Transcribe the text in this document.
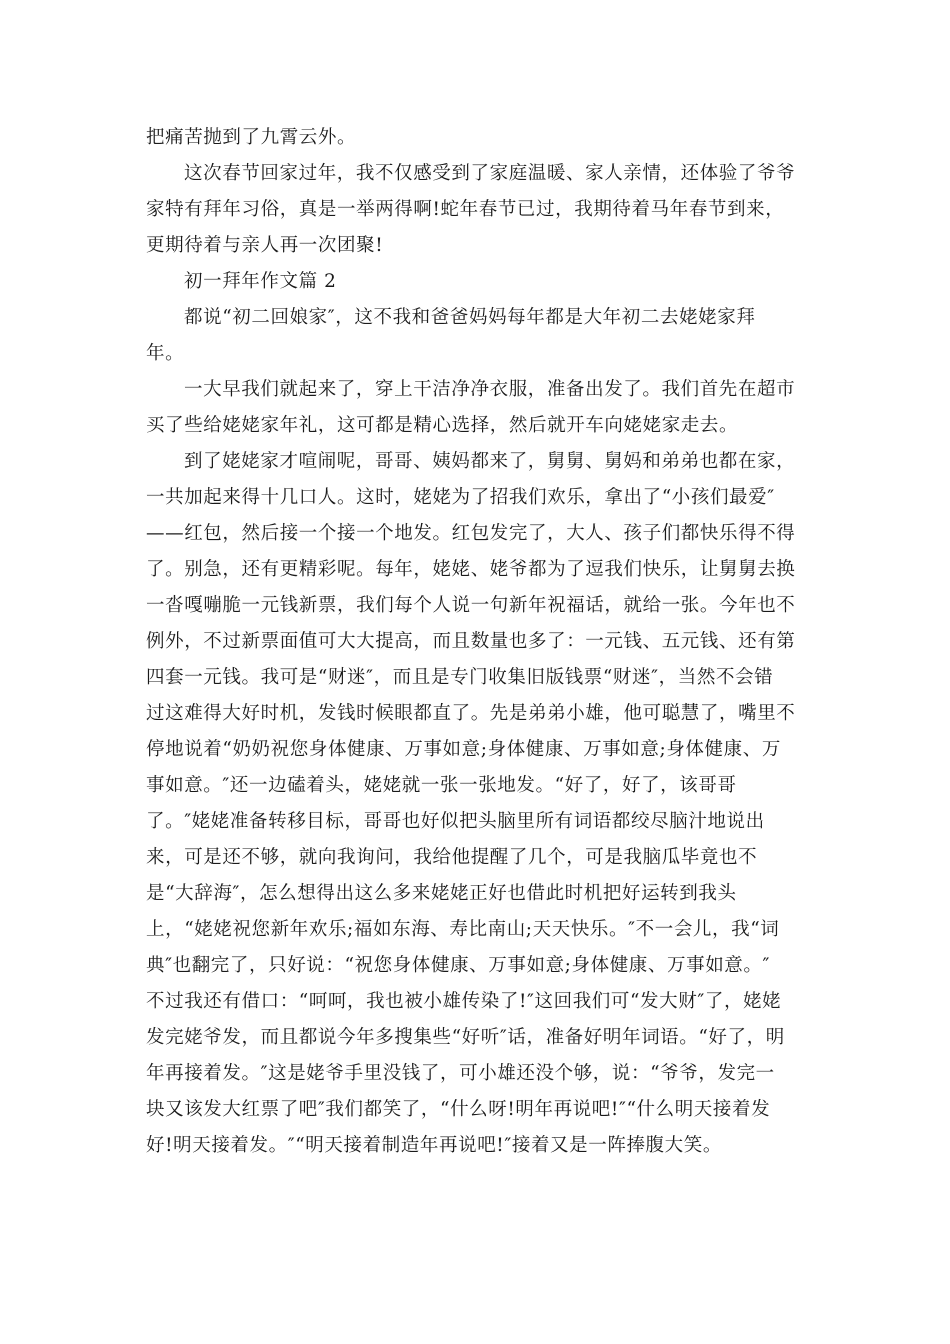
把痛苦抛到了九霄云外。
这次春节回家过年，我不仅感受到了家庭温暖、家人亲情，还体验了爷爷
家特有拜年习俗，真是一举两得啊!蛇年春节已过，我期待着马年春节到来，
更期待着与亲人再一次团聚!
初一拜年作文篇 2
都说“初二回娘家″，这不我和爸爸妈妈每年都是大年初二去姥姥家拜
年。
一大早我们就起来了，穿上干洁净净衣服，准备出发了。我们首先在超市
买了些给姥姥家年礼，这可都是精心选择，然后就开车向姥姥家走去。
到了姥姥家才喧闹呢，哥哥、姨妈都来了，舅舅、舅妈和弟弟也都在家，
一共加起来得十几口人。这时，姥姥为了招我们欢乐，拿出了“小孩们最爱″
——红包，然后接一个接一个地发。红包发完了，大人、孩子们都快乐得不得
了。别急，还有更精彩呢。每年，姥姥、姥爷都为了逗我们快乐，让舅舅去换
一沓嘎嘣脆一元钱新票，我们每个人说一句新年祝福话，就给一张。今年也不
例外，不过新票面值可大大提高，而且数量也多了：一元钱、五元钱、还有第
四套一元钱。我可是“财迷″，而且是专门收集旧版钱票“财迷″，当然不会错
过这难得大好时机，发钱时候眼都直了。先是弟弟小雄，他可聪慧了，嘴里不
停地说着“奶奶祝您身体健康、万事如意;身体健康、万事如意;身体健康、万
事如意。″还一边磕着头，姥姥就一张一张地发。“好了，好了，该哥哥
了。″姥姥准备转移目标，哥哥也好似把头脑里所有词语都绞尽脑汁地说出
来，可是还不够，就向我询问，我给他提醒了几个，可是我脑瓜毕竟也不
是“大辞海″，怎么想得出这么多来姥姥正好也借此时机把好运转到我头
上，“姥姥祝您新年欢乐;福如东海、寿比南山;天天快乐。″不一会儿，我“词
典″也翻完了，只好说：“祝您身体健康、万事如意;身体健康、万事如意。″
不过我还有借口：“呵呵，我也被小雄传染了!″这回我们可“发大财″了，姥姥
发完姥爷发，而且都说今年多搜集些“好听″话，准备好明年词语。“好了，明
年再接着发。″这是姥爷手里没钱了，可小雄还没个够，说：“爷爷，发完一
块又该发大红票了吧″我们都笑了，“什么呀!明年再说吧!″“什么明天接着发
好!明天接着发。″“明天接着制造年再说吧!″接着又是一阵捧腹大笑。
